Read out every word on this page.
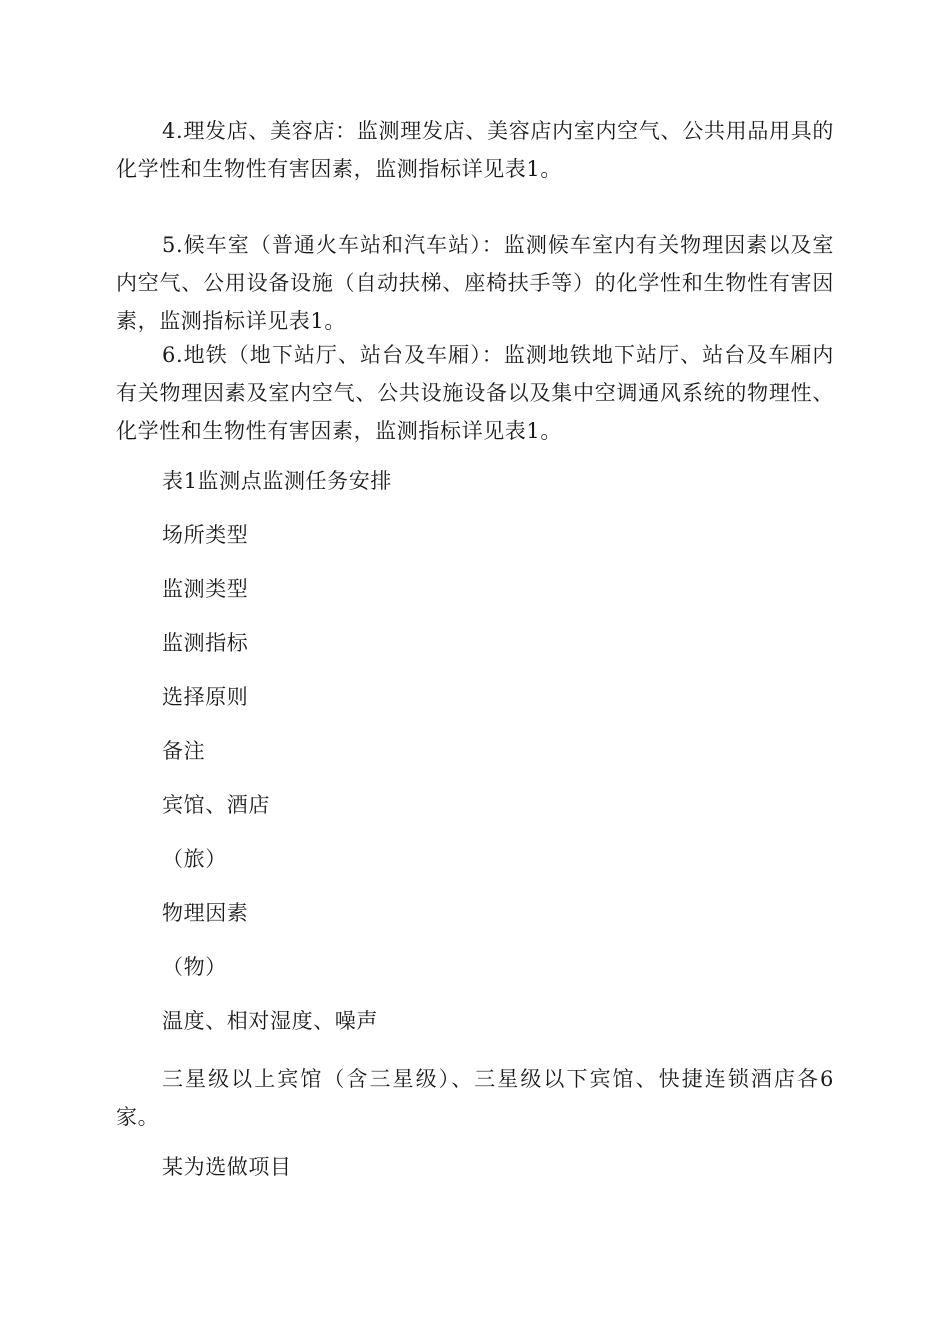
4.理发店、美容店：监测理发店、美容店内室内空气、公共用品用具的化学性和生物性有害因素，监测指标详见表1。

5.候车室（普通火车站和汽车站）：监测候车室内有关物理因素以及室内空气、公用设备设施（自动扶梯、座椅扶手等）的化学性和生物性有害因素，监测指标详见表1。

6.地铁（地下站厅、站台及车厢）：监测地铁地下站厅、站台及车厢内有关物理因素及室内空气、公共设施设备以及集中空调通风系统的物理性、化学性和生物性有害因素，监测指标详见表1。

表1监测点监测任务安排

场所类型

监测类型

监测指标

选择原则

备注

宾馆、酒店

（旅）

物理因素

（物）

温度、相对湿度、噪声

三星级以上宾馆（含三星级）、三星级以下宾馆、快捷连锁酒店各6家。

某为选做项目
